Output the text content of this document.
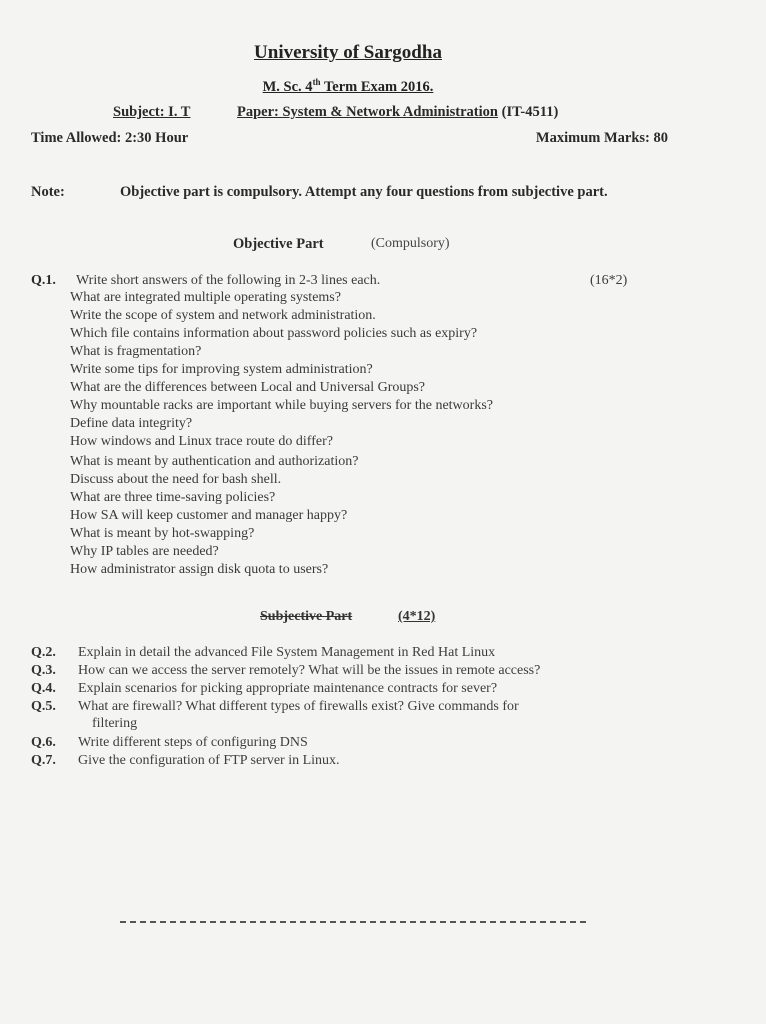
University of Sargodha
M. Sc. 4th Term Exam 2016.
Subject: I. T	Paper: System & Network Administration (IT-4511)
Time Allowed: 2:30 Hour	Maximum Marks: 80
Note:	Objective part is compulsory. Attempt any four questions from subjective part.
Objective Part	(Compulsory)
Q.1. Write short answers of the following in 2-3 lines each.	(16*2)
What are integrated multiple operating systems?
Write the scope of system and network administration.
Which file contains information about password policies such as expiry?
What is fragmentation?
Write some tips for improving system administration?
What are the differences between Local and Universal Groups?
Why mountable racks are important while buying servers for the networks?
Define data integrity?
How windows and Linux trace route do differ?
What is meant by authentication and authorization?
Discuss about the need for bash shell.
What are three time-saving policies?
How SA will keep customer and manager happy?
What is meant by hot-swapping?
Why IP tables are needed?
How administrator assign disk quota to users?
Subjective Part	(4*12)
Q.2. Explain in detail the advanced File System Management in Red Hat Linux
Q.3. How can we access the server remotely? What will be the issues in remote access?
Q.4. Explain scenarios for picking appropriate maintenance contracts for sever?
Q.5. What are firewall? What different types of firewalls exist? Give commands for
filtering
Q.6. Write different steps of configuring DNS
Q.7. Give the configuration of FTP server in Linux.
